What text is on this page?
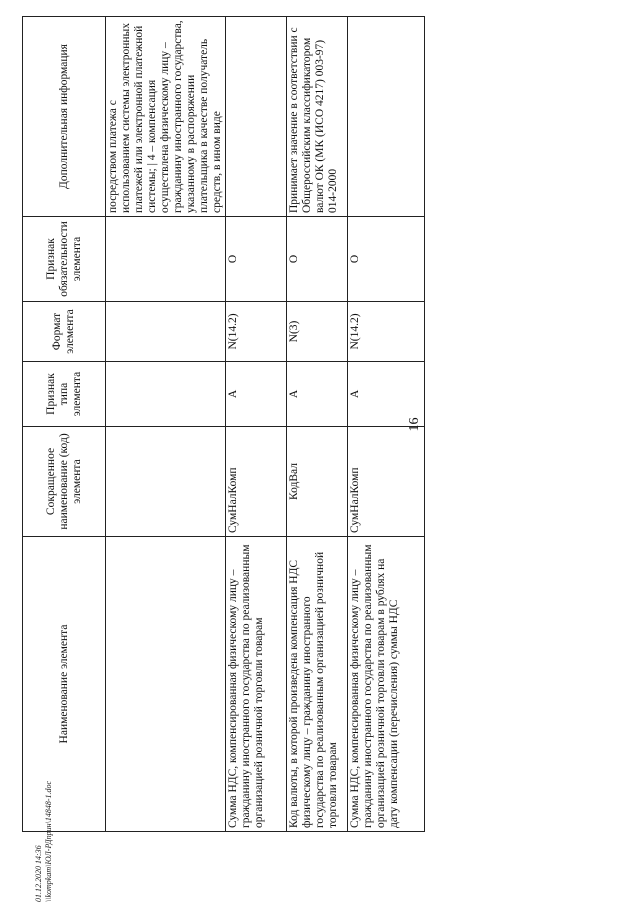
Наименование элемента	Сокращенное наименование (код) элемента	Признак типа элемента	Формат элемента	Признак обязательности элемента	Дополнительная информация
					посредством платежа с использованием системы электронных платежей или электронной платежной системы; | 4 – компенсация осуществлена физическому лицу – гражданину иностранного государства, указанному в распоряжении плательщика в качестве получатель средств, в ином виде
Сумма НДС, компенсированная физическому лицу – гражданину иностранного государства по реализованным организацией розничной торговли товарам	СумНалКомп	А	N(14.2)	О	
Код валюты, в которой произведена компенсация НДС физическому лицу – гражданину иностранного государства по реализованным организацией розничной торговли товарам	КодВал	А	N(3)	О	Принимает значение в соответствии с Общероссийским классификатором валют ОК (МК (ИСО 4217) 003-97) 014-2000
Сумма НДС, компенсированная физическому лицу – гражданину иностранного государства по реализованным организацией розничной торговли товарам в рублях на дату компенсации (перечисления) суммы НДС	СумНалКомп	А	N(14.2)	О	
16
01.12.2020 14:36 \\kompkam\ЮЛ-РДприн\14848-1.doc
